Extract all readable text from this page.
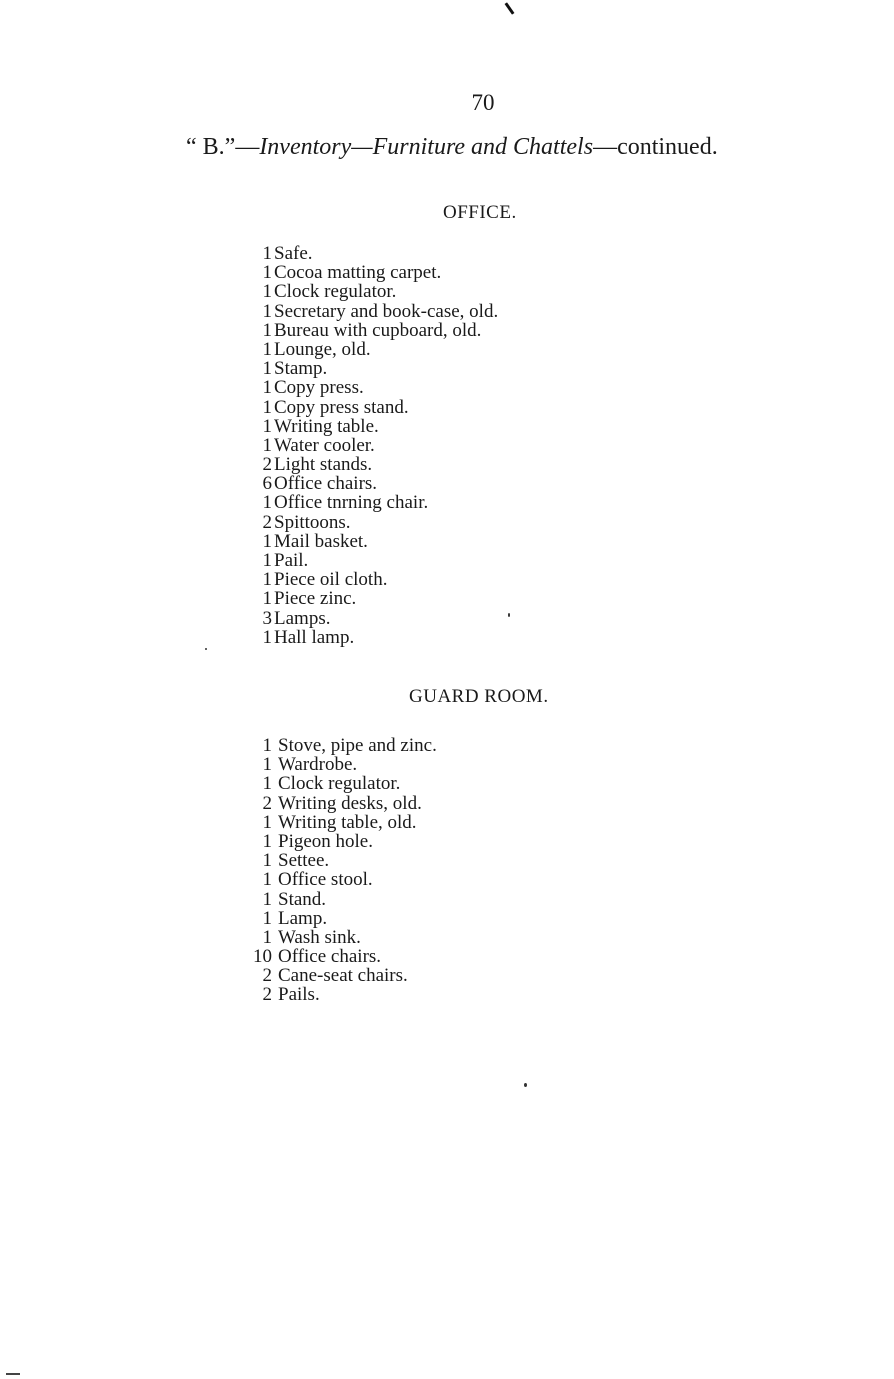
70
“ B.”—Inventory—Furniture and Chattels—continued.
OFFICE.
1 Safe.
1 Cocoa matting carpet.
1 Clock regulator.
1 Secretary and book-case, old.
1 Bureau with cupboard, old.
1 Lounge, old.
1 Stamp.
1 Copy press.
1 Copy press stand.
1 Writing table.
1 Water cooler.
2 Light stands.
6 Office chairs.
1 Office tnrning chair.
2 Spittoons.
1 Mail basket.
1 Pail.
1 Piece oil cloth.
1 Piece zinc.
3 Lamps.
1 Hall lamp.
GUARD ROOM.
1 Stove, pipe and zinc.
1 Wardrobe.
1 Clock regulator.
2 Writing desks, old.
1 Writing table, old.
1 Pigeon hole.
1 Settee.
1 Office stool.
1 Stand.
1 Lamp.
1 Wash sink.
10 Office chairs.
2 Cane-seat chairs.
2 Pails.
